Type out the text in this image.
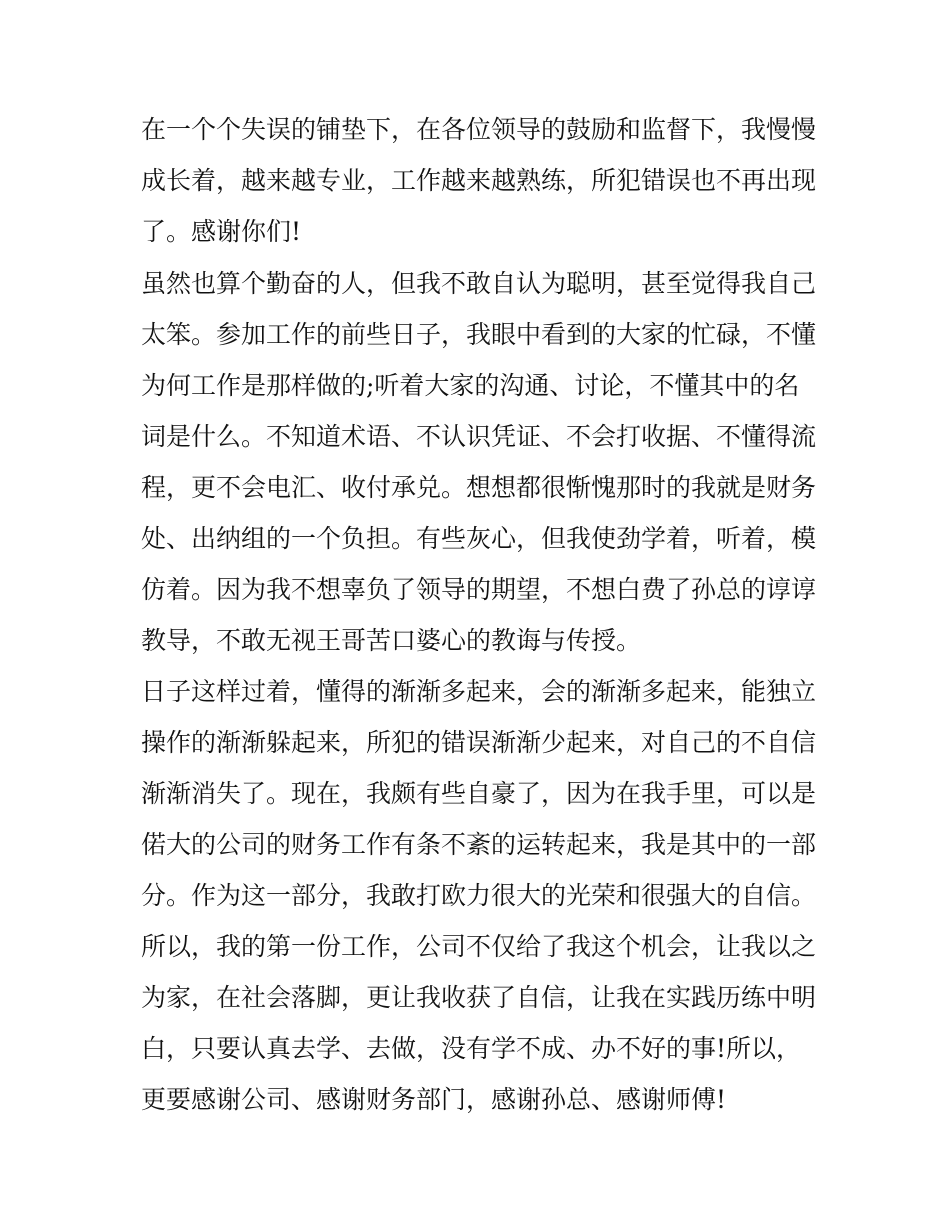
在一个个失误的铺垫下，在各位领导的鼓励和监督下，我慢慢
成长着，越来越专业，工作越来越熟练，所犯错误也不再出现
了。感谢你们!
虽然也算个勤奋的人，但我不敢自认为聪明，甚至觉得我自己
太笨。参加工作的前些日子，我眼中看到的大家的忙碌，不懂
为何工作是那样做的;听着大家的沟通、讨论，不懂其中的名
词是什么。不知道术语、不认识凭证、不会打收据、不懂得流
程，更不会电汇、收付承兑。想想都很惭愧那时的我就是财务
处、出纳组的一个负担。有些灰心，但我使劲学着，听着，模
仿着。因为我不想辜负了领导的期望，不想白费了孙总的谆谆
教导，不敢无视王哥苦口婆心的教诲与传授。
日子这样过着，懂得的渐渐多起来，会的渐渐多起来，能独立
操作的渐渐躲起来，所犯的错误渐渐少起来，对自己的不自信
渐渐消失了。现在，我颇有些自豪了，因为在我手里，可以是
偌大的公司的财务工作有条不紊的运转起来，我是其中的一部
分。作为这一部分，我敢打欧力很大的光荣和很强大的自信。
所以，我的第一份工作，公司不仅给了我这个机会，让我以之
为家，在社会落脚，更让我收获了自信，让我在实践历练中明
白，只要认真去学、去做，没有学不成、办不好的事!所以，
更要感谢公司、感谢财务部门，感谢孙总、感谢师傅!
